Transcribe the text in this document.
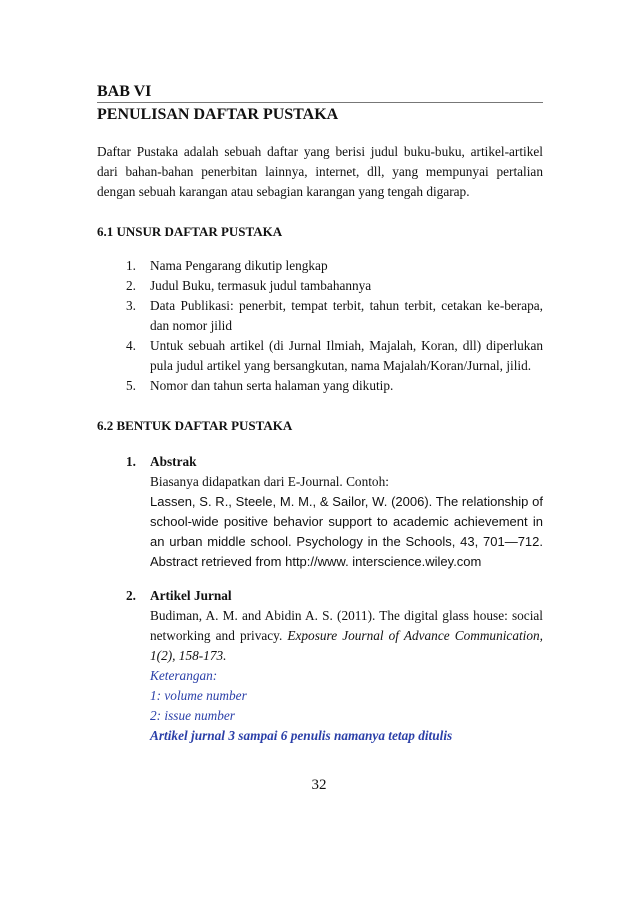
BAB VI

PENULISAN DAFTAR PUSTAKA

Daftar Pustaka adalah sebuah daftar yang berisi judul buku-buku, artikel-artikel dari bahan-bahan penerbitan lainnya, internet, dll, yang mempunyai pertalian dengan sebuah karangan atau sebagian karangan yang tengah digarap.

6.1 UNSUR DAFTAR PUSTAKA

1. Nama Pengarang dikutip lengkap
2. Judul Buku, termasuk judul tambahannya
3. Data Publikasi: penerbit, tempat terbit, tahun terbit, cetakan ke-berapa, dan nomor jilid
4. Untuk sebuah artikel (di Jurnal Ilmiah, Majalah, Koran, dll) diperlukan pula judul artikel yang bersangkutan, nama Majalah/Koran/Jurnal, jilid.
5. Nomor dan tahun serta halaman yang dikutip.

6.2 BENTUK DAFTAR PUSTAKA

1. Abstrak
Biasanya didapatkan dari E-Journal. Contoh:
Lassen, S. R., Steele, M. M., & Sailor, W. (2006). The relationship of school-wide positive behavior support to academic achievement in an urban middle school. Psychology in the Schools, 43, 701—712. Abstract retrieved from http://www. interscience.wiley.com
2. Artikel Jurnal
Budiman, A. M. and Abidin A. S. (2011). The digital glass house: social networking and privacy. Exposure Journal of Advance Communication, 1(2), 158-173.
Keterangan:
1: volume number
2: issue number
Artikel jurnal 3 sampai 6 penulis namanya tetap ditulis
32
